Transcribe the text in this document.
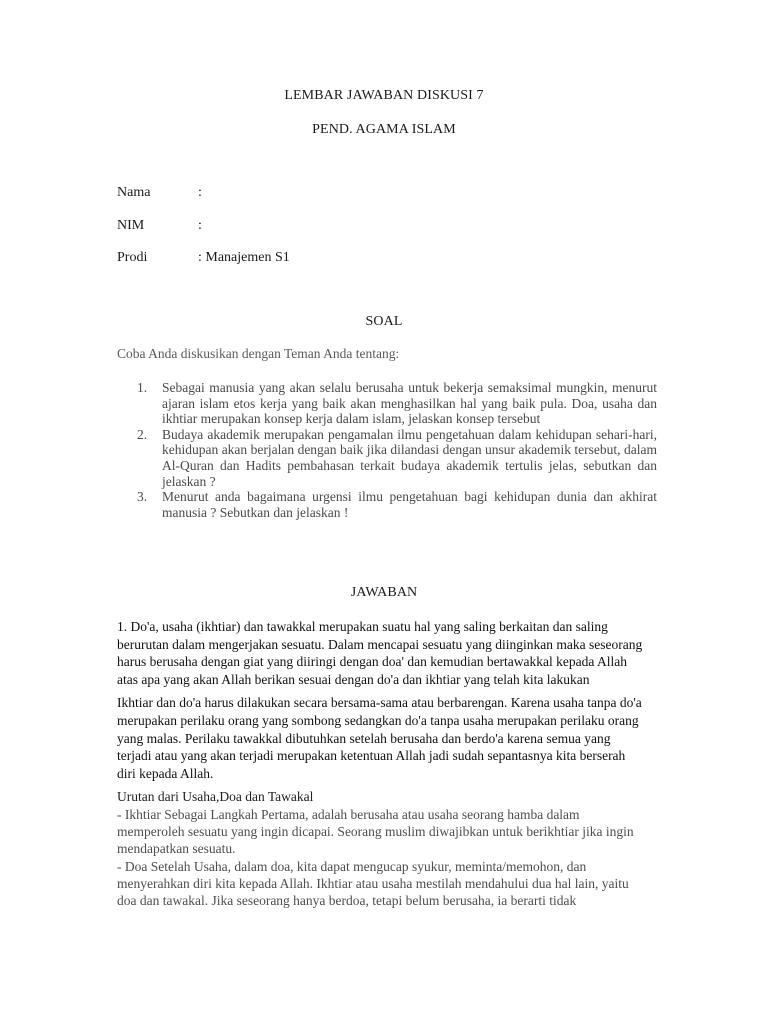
LEMBAR JAWABAN DISKUSI 7
PEND. AGAMA ISLAM
Nama	:
NIM	:
Prodi	: Manajemen S1
SOAL
Coba Anda diskusikan dengan Teman Anda tentang:
1. Sebagai manusia yang akan selalu berusaha untuk bekerja semaksimal mungkin, menurut ajaran islam etos kerja yang baik akan menghasilkan hal yang baik pula. Doa, usaha dan ikhtiar merupakan konsep kerja dalam islam, jelaskan konsep tersebut
2. Budaya akademik merupakan pengamalan ilmu pengetahuan dalam kehidupan sehari-hari, kehidupan akan berjalan dengan baik jika dilandasi dengan unsur akademik tersebut, dalam Al-Quran dan Hadits pembahasan terkait budaya akademik tertulis jelas, sebutkan dan jelaskan ?
3. Menurut anda bagaimana urgensi ilmu pengetahuan bagi kehidupan dunia dan akhirat manusia ? Sebutkan dan jelaskan !
JAWABAN

1. Do'a, usaha (ikhtiar) dan tawakkal merupakan suatu hal yang saling berkaitan dan saling berurutan dalam mengerjakan sesuatu. Dalam mencapai sesuatu yang diinginkan maka seseorang harus berusaha dengan giat yang diiringi dengan doa' dan kemudian bertawakkal kepada Allah atas apa yang akan Allah berikan sesuai dengan do'a dan ikhtiar yang telah kita lakukan

Ikhtiar dan do'a harus dilakukan secara bersama-sama atau berbarengan. Karena usaha tanpa do'a merupakan perilaku orang yang sombong sedangkan do'a tanpa usaha merupakan perilaku orang yang malas. Perilaku tawakkal dibutuhkan setelah berusaha dan berdo'a karena semua yang terjadi atau yang akan terjadi merupakan ketentuan Allah jadi sudah sepantasnya kita berserah diri kepada Allah.

Urutan dari Usaha,Doa dan Tawakal

- Ikhtiar Sebagai Langkah Pertama, adalah berusaha atau usaha seorang hamba dalam memperoleh sesuatu yang ingin dicapai. Seorang muslim diwajibkan untuk berikhtiar jika ingin mendapatkan sesuatu.

- Doa Setelah Usaha, dalam doa, kita dapat mengucap syukur, meminta/memohon, dan menyerahkan diri kita kepada Allah. Ikhtiar atau usaha mestilah mendahului dua hal lain, yaitu doa dan tawakal. Jika seseorang hanya berdoa, tetapi belum berusaha, ia berarti tidak
